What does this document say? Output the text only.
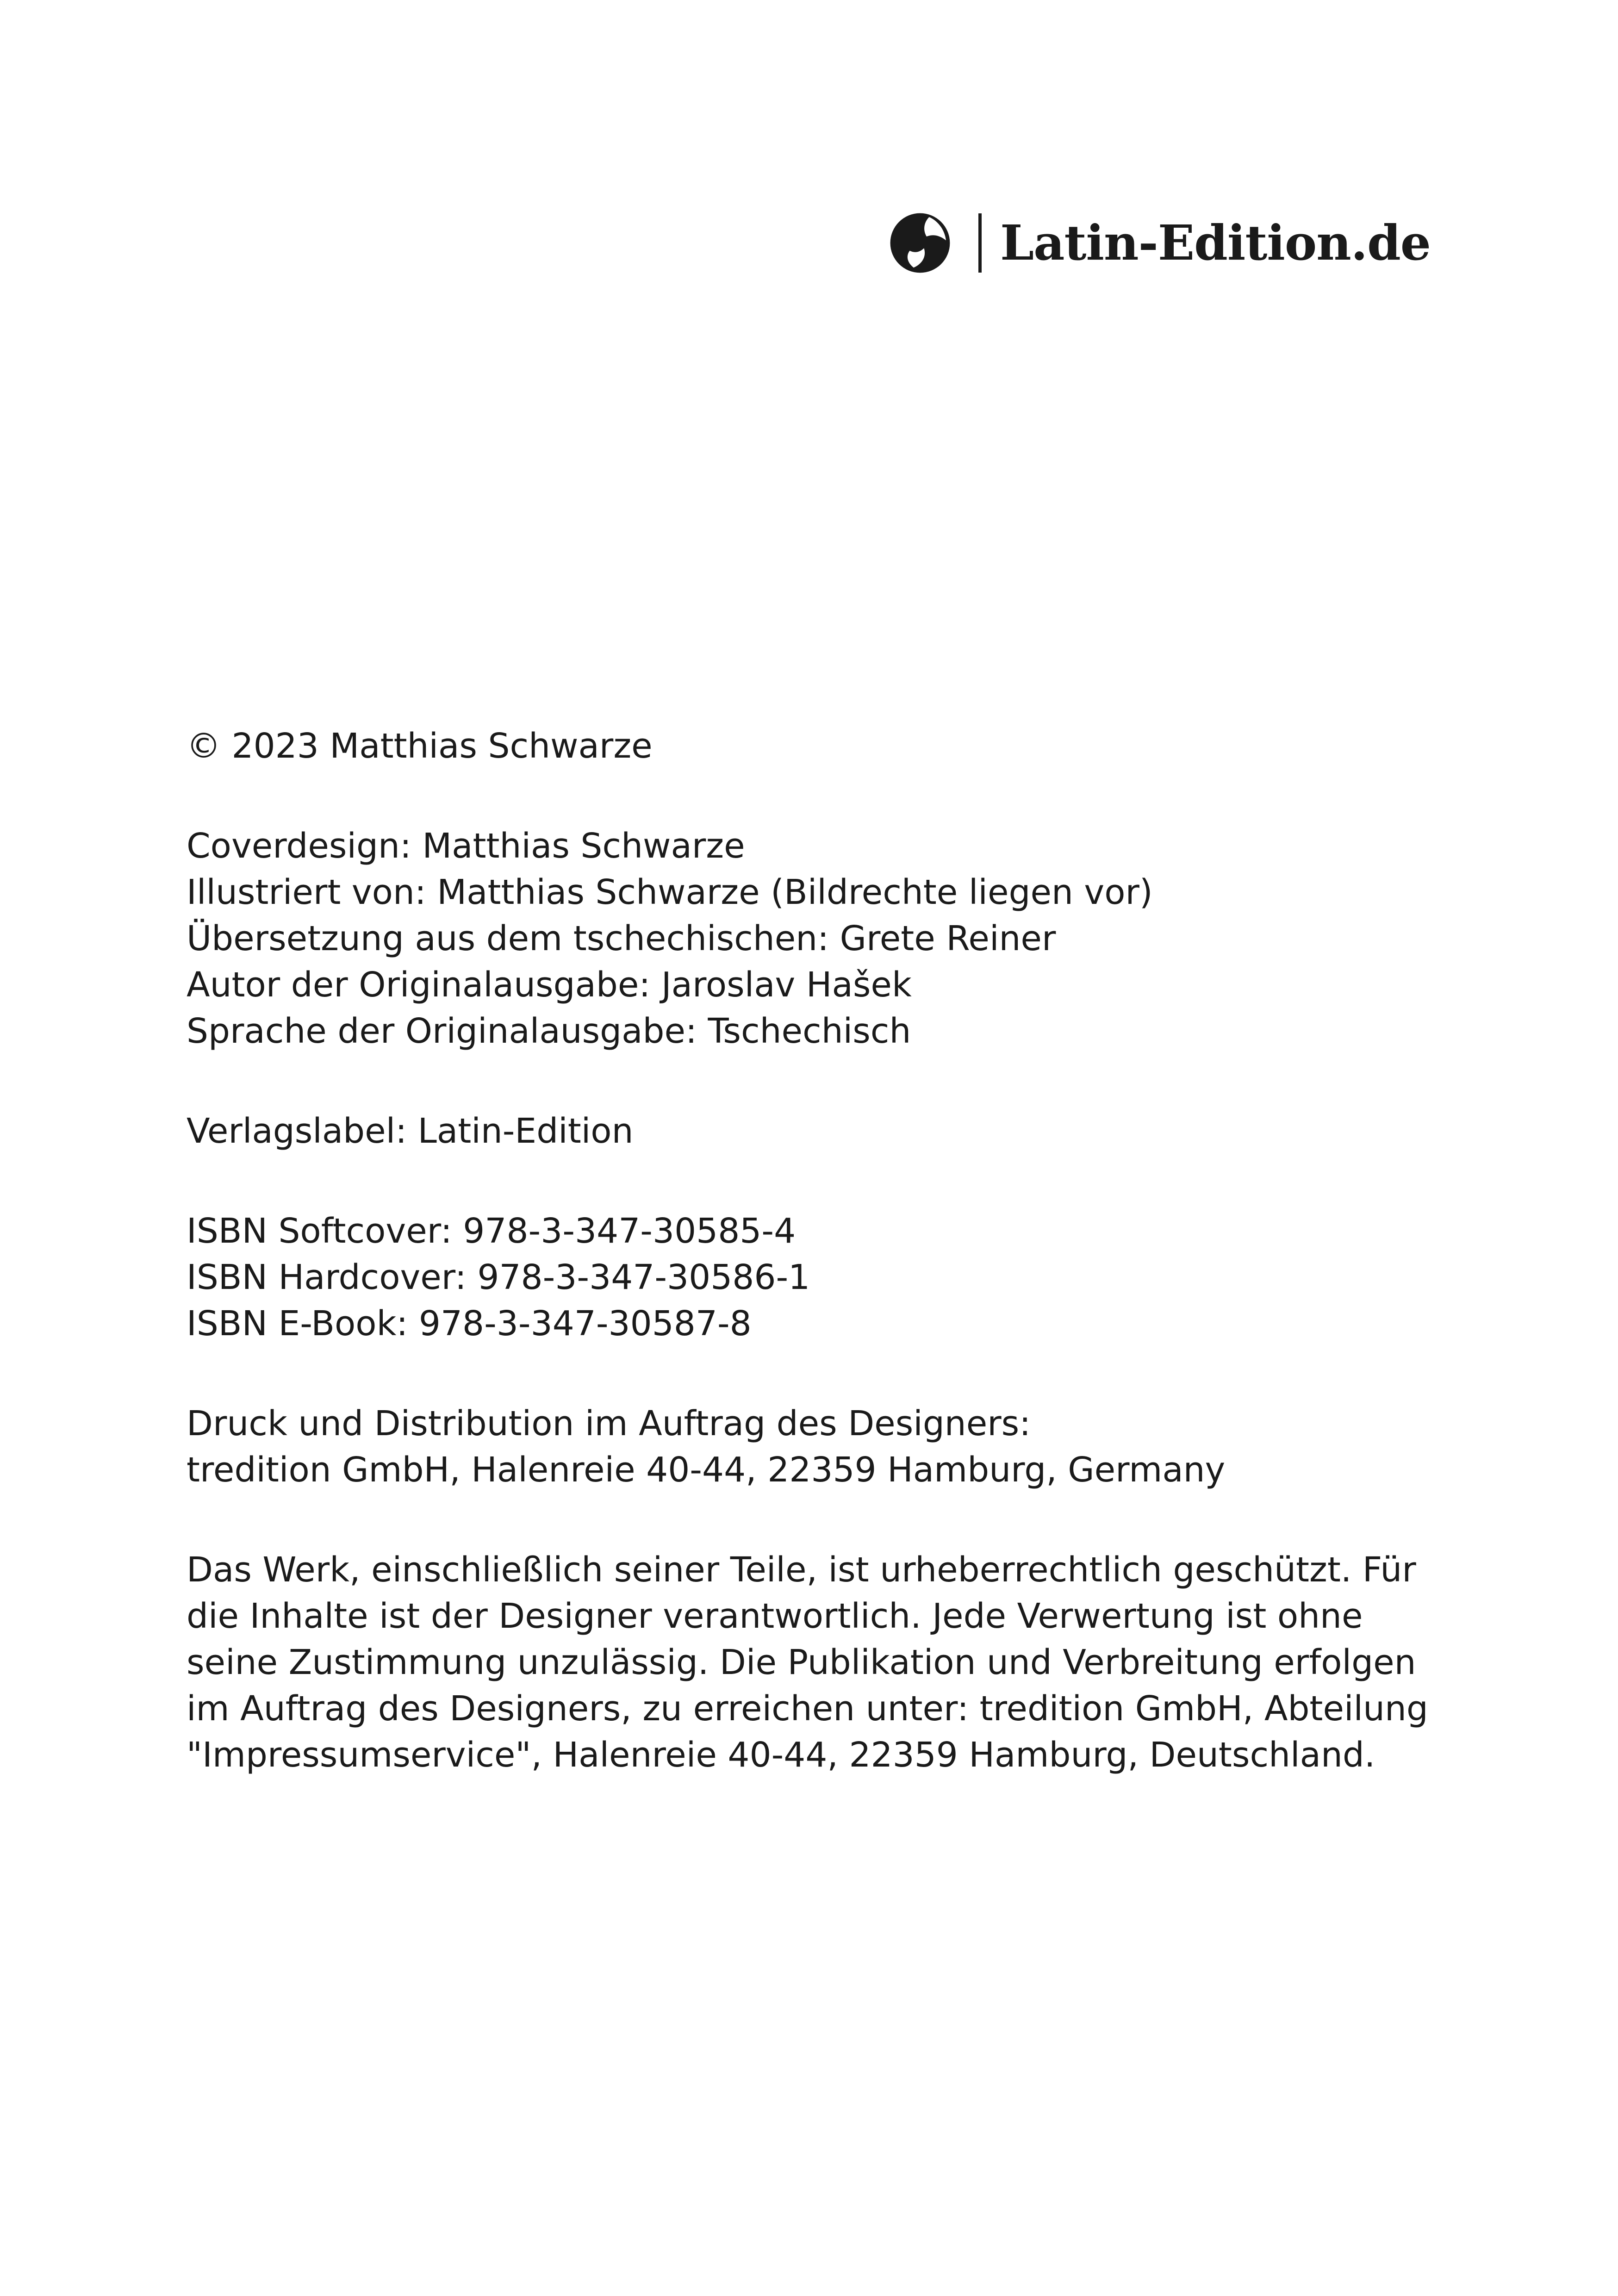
Latin-Edition.de
© 2023 Matthias Schwarze
Coverdesign: Matthias Schwarze
Illustriert von: Matthias Schwarze (Bildrechte liegen vor)
Übersetzung aus dem tschechischen: Grete Reiner
Autor der Originalausgabe: Jaroslav Hašek
Sprache der Originalausgabe: Tschechisch
Verlagslabel: Latin-Edition
ISBN Softcover: 978-3-347-30585-4
ISBN Hardcover: 978-3-347-30586-1
ISBN E-Book: 978-3-347-30587-8
Druck und Distribution im Auftrag des Designers:
tredition GmbH, Halenreie 40-44, 22359 Hamburg, Germany
Das Werk, einschließlich seiner Teile, ist urheberrechtlich geschützt. Für die Inhalte ist der Designer verantwortlich. Jede Verwertung ist ohne seine Zustimmung unzulässig. Die Publikation und Verbreitung erfolgen im Auftrag des Designers, zu erreichen unter: tredition GmbH, Abteilung "Impressumservice", Halenreie 40-44, 22359 Hamburg, Deutschland.
